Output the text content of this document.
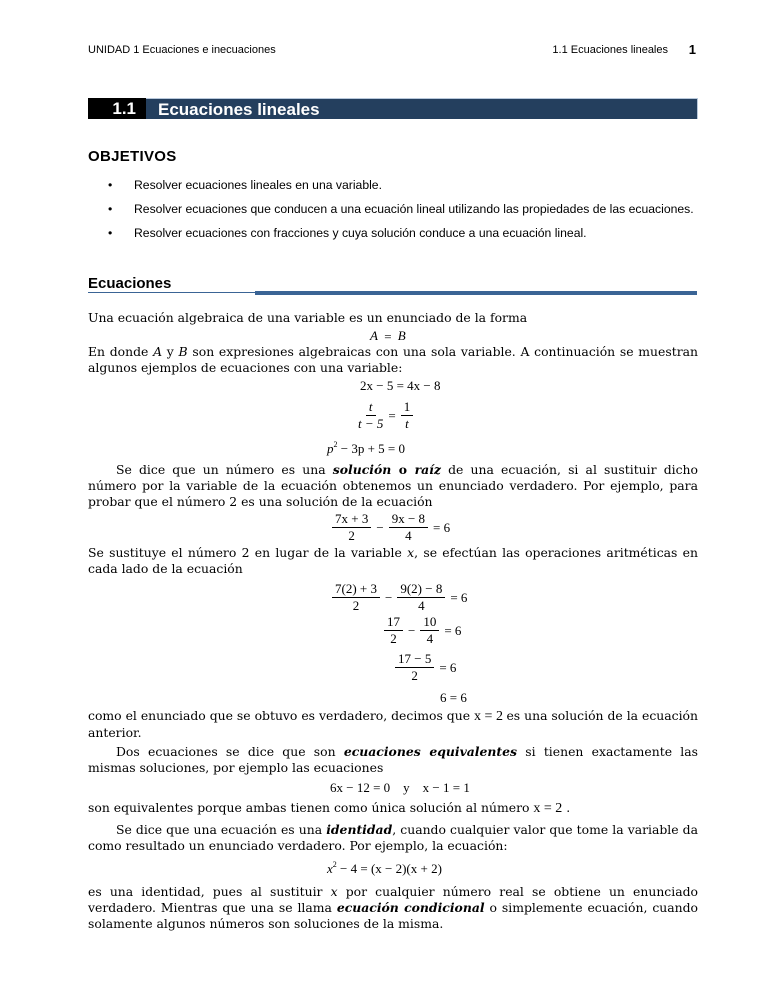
UNIDAD 1 Ecuaciones e inecuaciones	1.1 Ecuaciones lineales 1
1.1	Ecuaciones lineales
OBJETIVOS
• Resolver ecuaciones lineales en una variable.
• Resolver ecuaciones que conducen a una ecuación lineal utilizando las propiedades de las ecuaciones.
• Resolver ecuaciones con fracciones y cuya solución conduce a una ecuación lineal.
Ecuaciones
Una ecuación algebraica de una variable es un enunciado de la forma
A = B
En donde A y B son expresiones algebraicas con una sola variable. A continuación se muestran algunos ejemplos de ecuaciones con una variable:
2x − 5 = 4x − 8
$\frac{t}{t - 5} = \frac{1}{t}$
$p^2 - 3p + 5 = 0$
Se dice que un número es una solución o raíz de una ecuación, si al sustituir dicho número por la variable de la ecuación obtenemos un enunciado verdadero. Por ejemplo, para probar que el número 2 es una solución de la ecuación
$\frac{7x + 3}{2} - \frac{9x - 8}{4} = 6$
Se sustituye el número 2 en lugar de la variable x, se efectúan las operaciones aritméticas en cada lado de la ecuación
$\frac{7(2) + 3}{2} - \frac{9(2) - 8}{4} = 6$
$\frac{17}{2} - \frac{10}{4} = 6$
$\frac{17 - 5}{2} = 6$
6 = 6
como el enunciado que se obtuvo es verdadero, decimos que x = 2 es una solución de la ecuación anterior.
Dos ecuaciones se dice que son ecuaciones equivalentes si tienen exactamente las mismas soluciones, por ejemplo las ecuaciones
6x − 12 = 0 y x − 1 = 1
son equivalentes porque ambas tienen como única solución al número x = 2 .
Se dice que una ecuación es una identidad, cuando cualquier valor que tome la variable da como resultado un enunciado verdadero. Por ejemplo, la ecuación:
$x^2 - 4 = (x - 2)(x + 2)$
es una identidad, pues al sustituir x por cualquier número real se obtiene un enunciado verdadero. Mientras que una se llama ecuación condicional o simplemente ecuación, cuando solamente algunos números son soluciones de la misma.
